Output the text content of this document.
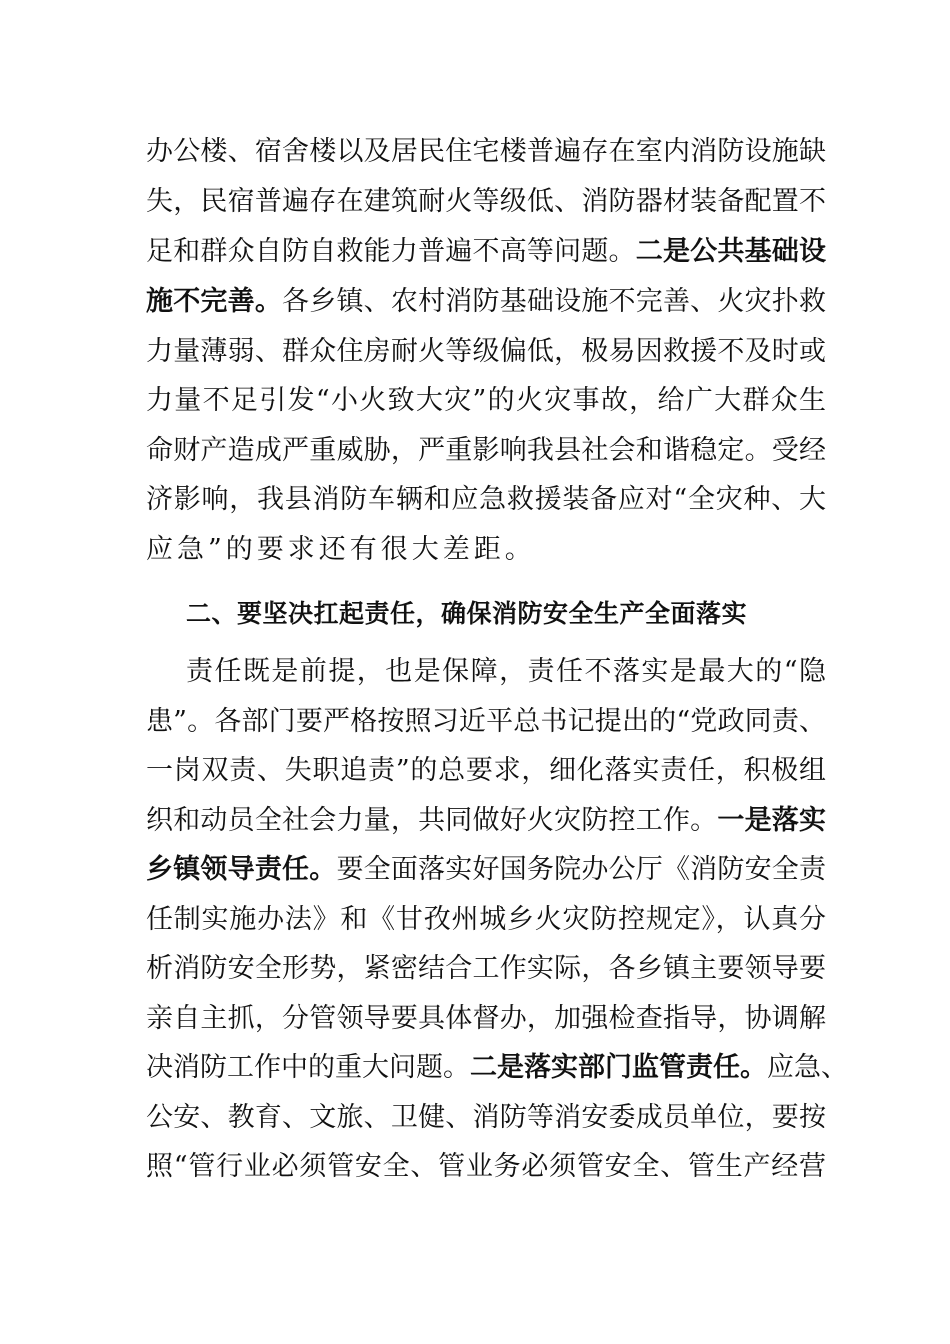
办公楼、宿舍楼以及居民住宅楼普遍存在室内消防设施缺
失，民宿普遍存在建筑耐火等级低、消防器材装备配置不
足和群众自防自救能力普遍不高等问题。二是公共基础设
施不完善。各乡镇、农村消防基础设施不完善、火灾扑救
力量薄弱、群众住房耐火等级偏低，极易因救援不及时或
力量不足引发“小火致大灾”的火灾事故，给广大群众生
命财产造成严重威胁，严重影响我县社会和谐稳定。受经
济影响，我县消防车辆和应急救援装备应对“全灾种、大
应急”的要求还有很大差距。
二、要坚决扛起责任，确保消防安全生产全面落实
责任既是前提，也是保障，责任不落实是最大的“隐
患”。各部门要严格按照习近平总书记提出的“党政同责、
一岗双责、失职追责”的总要求，细化落实责任，积极组
织和动员全社会力量，共同做好火灾防控工作。一是落实
乡镇领导责任。要全面落实好国务院办公厅《消防安全责
任制实施办法》和《甘孜州城乡火灾防控规定》，认真分
析消防安全形势，紧密结合工作实际，各乡镇主要领导要
亲自主抓，分管领导要具体督办，加强检查指导，协调解
决消防工作中的重大问题。二是落实部门监管责任。应急、
公安、教育、文旅、卫健、消防等消安委成员单位，要按
照“管行业必须管安全、管业务必须管安全、管生产经营
